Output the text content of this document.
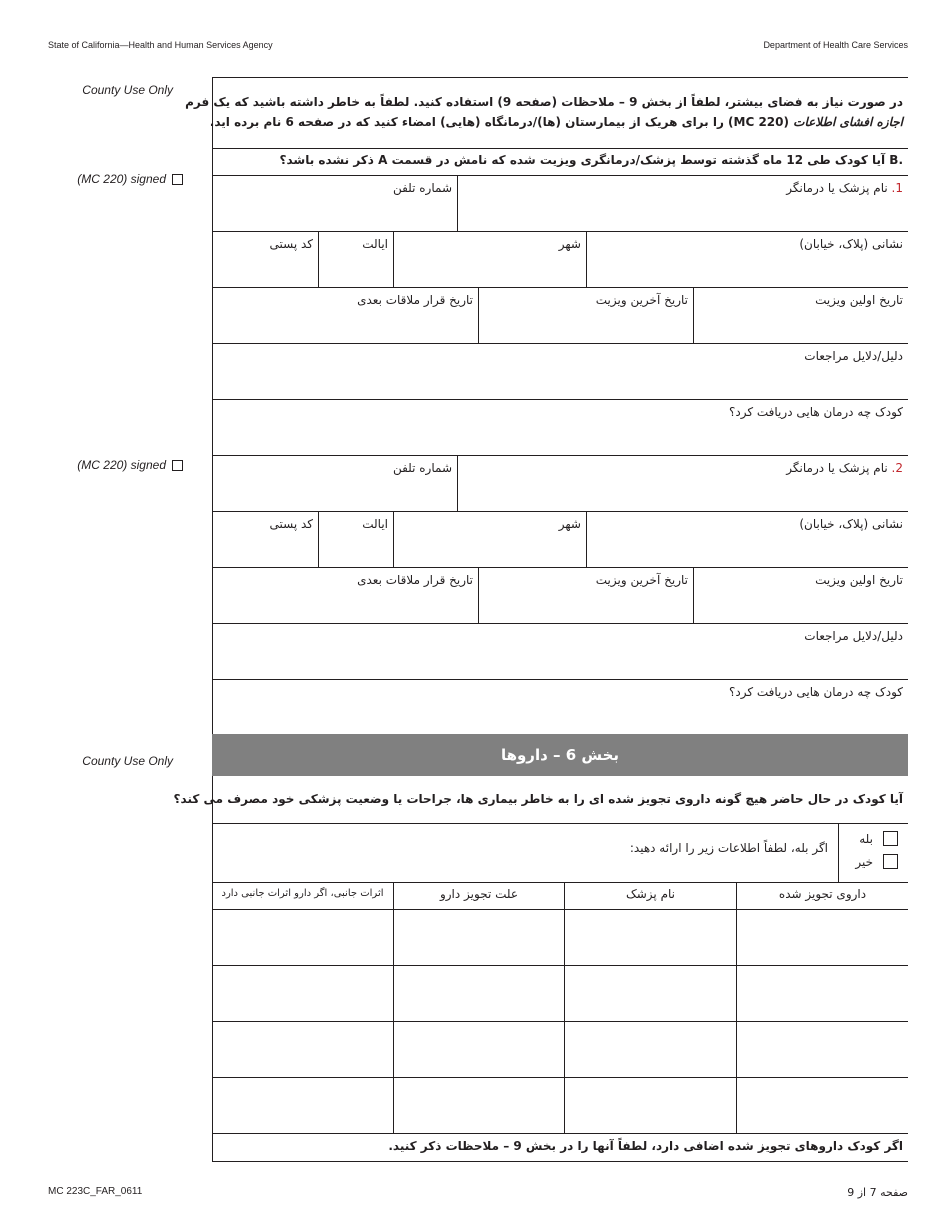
State of California—Health and Human Services Agency	Department of Health Care Services
County Use Only
(MC 220) signed
(MC 220) signed
County Use Only
در صورت نیاز به فضای بیشتر، لطفاً از بخش 9 – ملاحظات (صفحه 9) استفاده کنید. لطفاً به خاطر داشته باشید که یک فرم
اجازه افشای اطلاعات (MC 220) را برای هریک از بیمارستان (ها)/درمانگاه (هایی) امضاء کنید که در صفحه 6 نام برده اید.
.B آیا کودک طی 12 ماه گذشته توسط پزشک/درمانگری ویزیت شده که نامش در قسمت A ذکر نشده باشد؟
1. نام پزشک یا درمانگر
شماره تلفن
نشانی (پلاک، خیابان)
شهر
ایالت
کد پستی
تاریخ اولین ویزیت
تاریخ آخرین ویزیت
تاریخ قرار ملاقات بعدی
دلیل/دلایل مراجعات
کودک چه درمان هایی دریافت کرد؟
2. نام پزشک یا درمانگر
شماره تلفن
نشانی (پلاک، خیابان)
شهر
ایالت
کد پستی
تاریخ اولین ویزیت
تاریخ آخرین ویزیت
تاریخ قرار ملاقات بعدی
دلیل/دلایل مراجعات
کودک چه درمان هایی دریافت کرد؟
بخش 6 – داروها
آیا کودک در حال حاضر هیچ گونه داروی تجویز شده ای را به خاطر بیماری ها، جراحات یا وضعیت پزشکی خود مصرف می کند؟
بله
خیر
اگر بله، لطفاً اطلاعات زیر را ارائه دهید:
داروی تجویز شده
نام پزشک
علت تجویز دارو
اثرات جانبی، اگر دارو اثرات جانبی دارد
اگر کودک داروهای تجویز شده اضافی دارد، لطفاً آنها را در بخش 9 – ملاحظات ذکر کنید.
MC 223C_FAR_0611	صفحه 7 از 9
